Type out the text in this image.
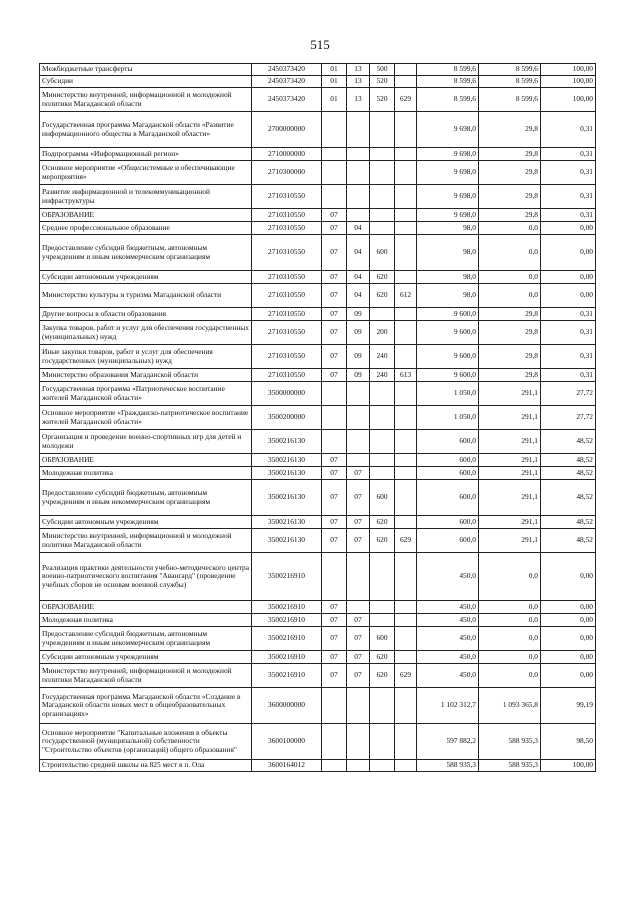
515
Межбюджетные трансферты	2450373420	01	13	500		8 599,6	8 599,6	100,00
Субсидии	2450373420	01	13	520		8 599,6	8 599,6	100,00
Министерство внутренней, информационной и молодежной политики Магаданской области	2450373420	01	13	520	629	8 599,6	8 599,6	100,00
Государственная программа Магаданской области «Развитие информационного общества в Магаданской области»	2700000000					9 698,0	29,8	0,31
Подпрограмма «Информационный регион»	2710000000					9 698,0	29,8	0,31
Основное мероприятие «Общесистемные и обеспечивающие мероприятия»	2710300000					9 698,0	29,8	0,31
Развитие информационной и телекоммуникационной инфраструктуры	2710310550					9 698,0	29,8	0,31
ОБРАЗОВАНИЕ	2710310550	07				9 698,0	29,8	0,31
Среднее профессиональное образование	2710310550	07	04			98,0	0,0	0,00
Предоставление субсидий бюджетным, автономным учреждениям и иным некоммерческим организациям	2710310550	07	04	600		98,0	0,0	0,00
Субсидии автономным учреждениям	2710310550	07	04	620		98,0	0,0	0,00
Министерство культуры и туризма Магаданской области	2710310550	07	04	620	612	98,0	0,0	0,00
Другие вопросы в области образования	2710310550	07	09			9 600,0	29,8	0,31
Закупка товаров, работ и услуг для обеспечения государственных (муниципальных) нужд	2710310550	07	09	200		9 600,0	29,8	0,31
Иные закупки товаров, работ и услуг для обеспечения государственных (муниципальных) нужд	2710310550	07	09	240		9 600,0	29,8	0,31
Министерство образования Магаданской области	2710310550	07	09	240	613	9 600,0	29,8	0,31
Государственная программа «Патриотическое воспитание жителей Магаданской области»	3500000000					1 050,0	291,1	27,72
Основное мероприятие «Гражданско-патриотическое воспитание жителей Магаданской области»	3500200000					1 050,0	291,1	27,72
Организация и проведение военно-спортивных игр для детей и молодежи	3500216130					600,0	291,1	48,52
ОБРАЗОВАНИЕ	3500216130	07				600,0	291,1	48,52
Молодежная политика	3500216130	07	07			600,0	291,1	48,52
Предоставление субсидий бюджетным, автономным учреждениям и иным некоммерческим организациям	3500216130	07	07	600		600,0	291,1	48,52
Субсидии автономным учреждениям	3500216130	07	07	620		600,0	291,1	48,52
Министерство внутренней, информационной и молодежной политики Магаданской области	3500216130	07	07	620	629	600,0	291,1	48,52
Реализация практики деятельности учебно-методического центра военно-патриотического воспитания "Авангард" (проведение учебных сборов не основам военной службы)	3500216910					450,0	0,0	0,00
ОБРАЗОВАНИЕ	3500216910	07				450,0	0,0	0,00
Молодежная политика	3500216910	07	07			450,0	0,0	0,00
Предоставление субсидий бюджетным, автономным учреждениям и иным некоммерческим организациям	3500216910	07	07	600		450,0	0,0	0,00
Субсидии автономным учреждениям	3500216910	07	07	620		450,0	0,0	0,00
Министерство внутренней, информационной и молодежной политики Магаданской области	3500216910	07	07	620	629	450,0	0,0	0,00
Государственная программа Магаданской области «Создание в Магаданской области новых мест в общеобразовательных организациях»	3600000000					1 102 312,7	1 093 365,8	99,19
Основное мероприятие "Капитальные вложения в объекты государственной (муниципальной) собственности "Строительство объектов (организаций) общего образования"	3600100000					597 882,2	588 935,3	98,50
Строительство средней школы на 825 мест в п. Ола	3600164012					588 935,3	588 935,3	100,00
